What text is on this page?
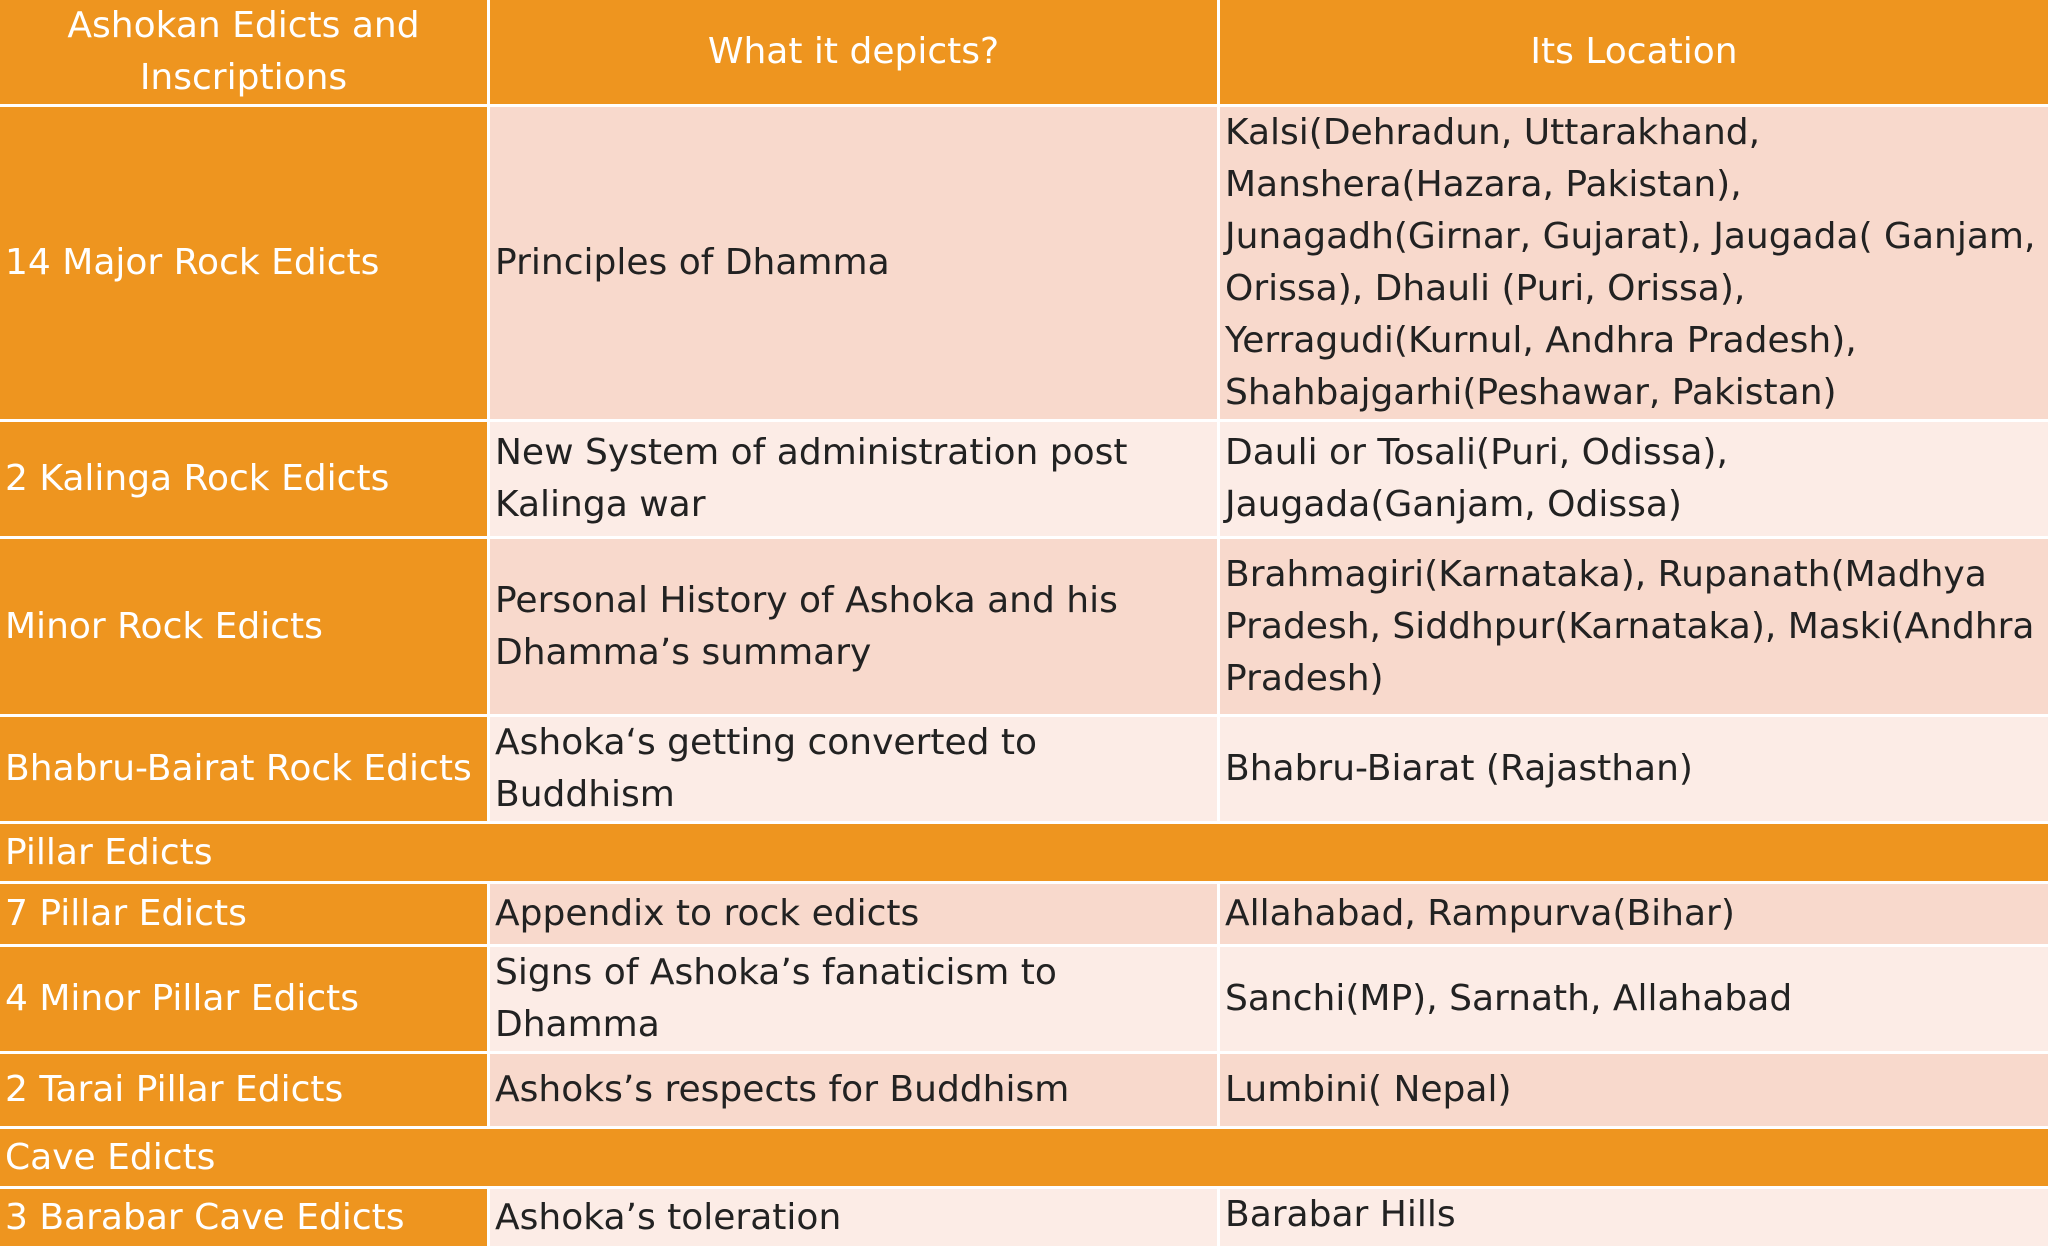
Ashokan Edicts and Inscriptions	What it depicts?	Its Location
14 Major Rock Edicts	Principles of Dhamma	Kalsi(Dehradun, Uttarakhand, Manshera(Hazara, Pakistan), Junagadh(Girnar, Gujarat), Jaugada( Ganjam, Orissa), Dhauli (Puri, Orissa), Yerragudi(Kurnul, Andhra Pradesh), Shahbajgarhi(Peshawar, Pakistan)
2 Kalinga Rock Edicts	New System of administration post Kalinga war	Dauli or Tosali(Puri, Odissa), Jaugada(Ganjam, Odissa)
Minor Rock Edicts	Personal History of Ashoka and his Dhamma’s summary	Brahmagiri(Karnataka), Rupanath(Madhya Pradesh, Siddhpur(Karnataka), Maski(Andhra Pradesh)
Bhabru-Bairat Rock Edicts	Ashoka‘s getting converted to Buddhism	Bhabru-Biarat (Rajasthan)
Pillar Edicts		
7 Pillar Edicts	Appendix to rock edicts	Allahabad, Rampurva(Bihar)
4 Minor Pillar Edicts	Signs of Ashoka’s fanaticism to Dhamma	Sanchi(MP), Sarnath, Allahabad
2 Tarai Pillar Edicts	Ashoks’s respects for Buddhism	Lumbini( Nepal)
Cave Edicts		
3 Barabar Cave Edicts	Ashoka’s toleration	Barabar Hills
